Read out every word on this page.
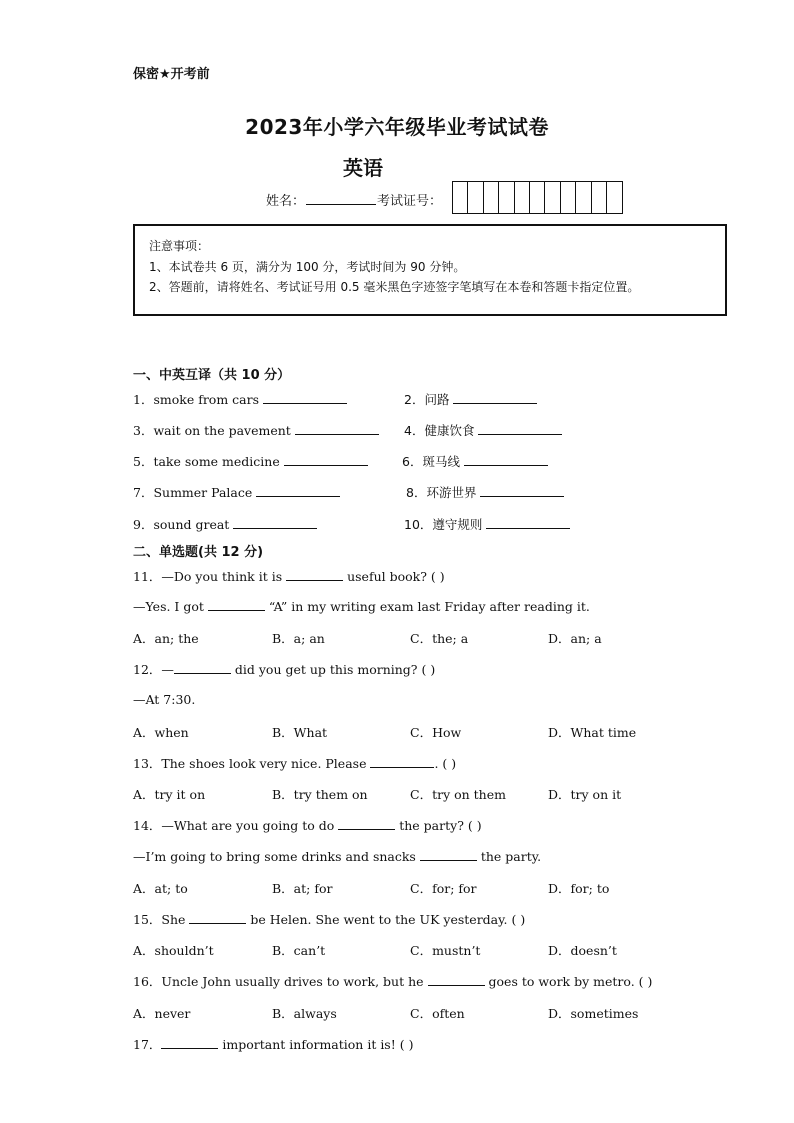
保密★开考前
2023年小学六年级毕业考试试卷
英语
姓名：	考试证号：

注意事项：

1、本试卷共 6 页，满分为 100 分，考试时间为 90 分钟。

2、答题前，请将姓名、考试证号用 0.5 毫米黑色字迹签字笔填写在本卷和答题卡指定位置。

一、中英互译（共 10 分）
1．smoke from cars	2．问路
3．wait on the pavement	4．健康饮食
5．take some medicine	6．斑马线
7．Summer Palace	8．环游世界
9．sound great	10．遵守规则
二、单选题(共 12 分)
11．—Do you think it is	useful book? ( )
—Yes. I got	“A” in my writing exam last Friday after reading it.
A．an; the	B．a; an	C．the; a	D．an; a
12．—	did you get up this morning? ( )
—At 7:30.
A．when	B．What	C．How	D．What time
13．The shoes look very nice. Please	. ( )
A．try it on	B．try them on	C．try on them	D．try on it
14．—What are you going to do	the party? ( )
—I’m going to bring some drinks and snacks	the party.
A．at; to	B．at; for	C．for; for	D．for; to
15．She	be Helen. She went to the UK yesterday. ( )
A．shouldn’t	B．can’t	C．mustn’t	D．doesn’t
16．Uncle John usually drives to work, but he	goes to work by metro. ( )
A．never	B．always	C．often	D．sometimes
17．	important information it is! ( )
